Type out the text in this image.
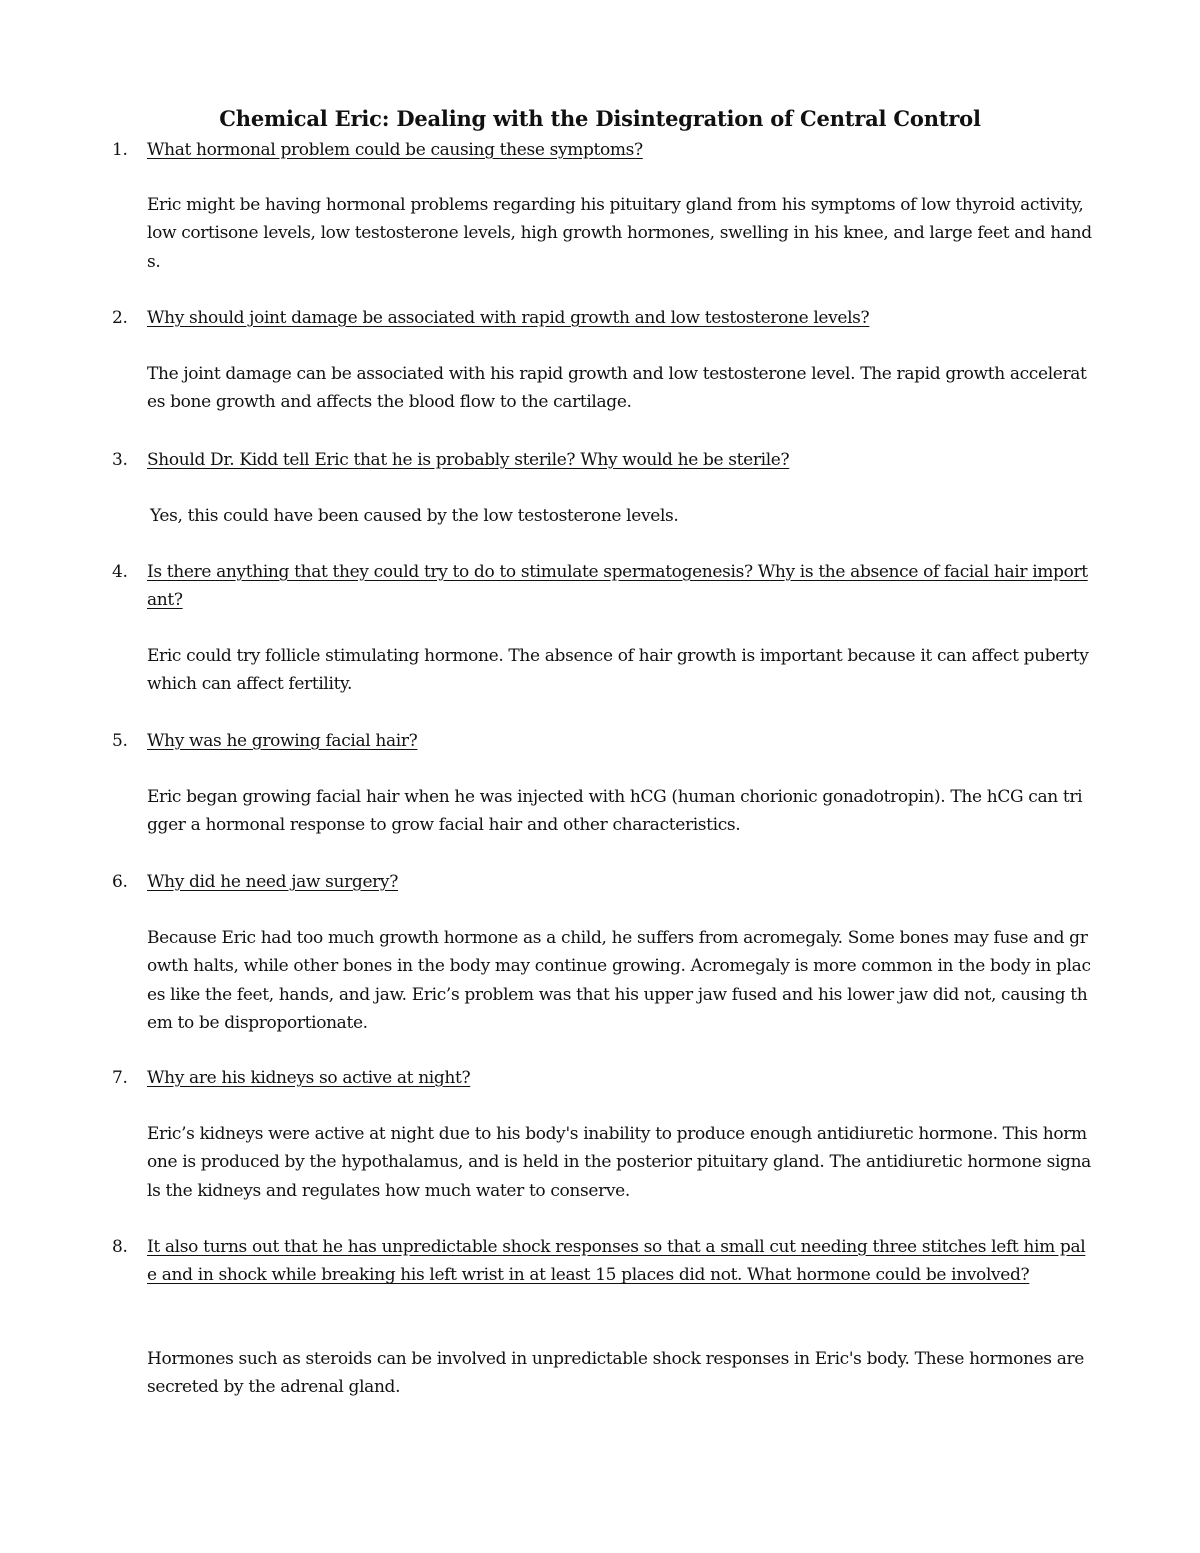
Chemical Eric: Dealing with the Disintegration of Central Control
1.	What hormonal problem could be causing these symptoms?
Eric might be having hormonal problems regarding his pituitary gland from his symptoms of low thyroid activity, low cortisone levels, low testosterone levels, high growth hormones, swelling in his knee, and large feet and hands.
2.	Why should joint damage be associated with rapid growth and low testosterone levels?
The joint damage can be associated with his rapid growth and low testosterone level. The rapid growth accelerates bone growth and affects the blood flow to the cartilage.
3.	Should Dr. Kidd tell Eric that he is probably sterile? Why would he be sterile?
Yes, this could have been caused by the low testosterone levels.
4.	Is there anything that they could try to do to stimulate spermatogenesis? Why is the absence of facial hair important?
Eric could try follicle stimulating hormone. The absence of hair growth is important because it can affect puberty which can affect fertility.
5.	Why was he growing facial hair?
Eric began growing facial hair when he was injected with hCG (human chorionic gonadotropin). The hCG can trigger a hormonal response to grow facial hair and other characteristics.
6.	Why did he need jaw surgery?
Because Eric had too much growth hormone as a child, he suffers from acromegaly. Some bones may fuse and growth halts, while other bones in the body may continue growing. Acromegaly is more common in the body in places like the feet, hands, and jaw. Eric’s problem was that his upper jaw fused and his lower jaw did not, causing them to be disproportionate.
7.	Why are his kidneys so active at night?
Eric’s kidneys were active at night due to his body's inability to produce enough antidiuretic hormone. This hormone is produced by the hypothalamus, and is held in the posterior pituitary gland. The antidiuretic hormone signals the kidneys and regulates how much water to conserve.
8.	It also turns out that he has unpredictable shock responses so that a small cut needing three stitches left him pale and in shock while breaking his left wrist in at least 15 places did not. What hormone could be involved?
Hormones such as steroids can be involved in unpredictable shock responses in Eric's body. These hormones are secreted by the adrenal gland.
